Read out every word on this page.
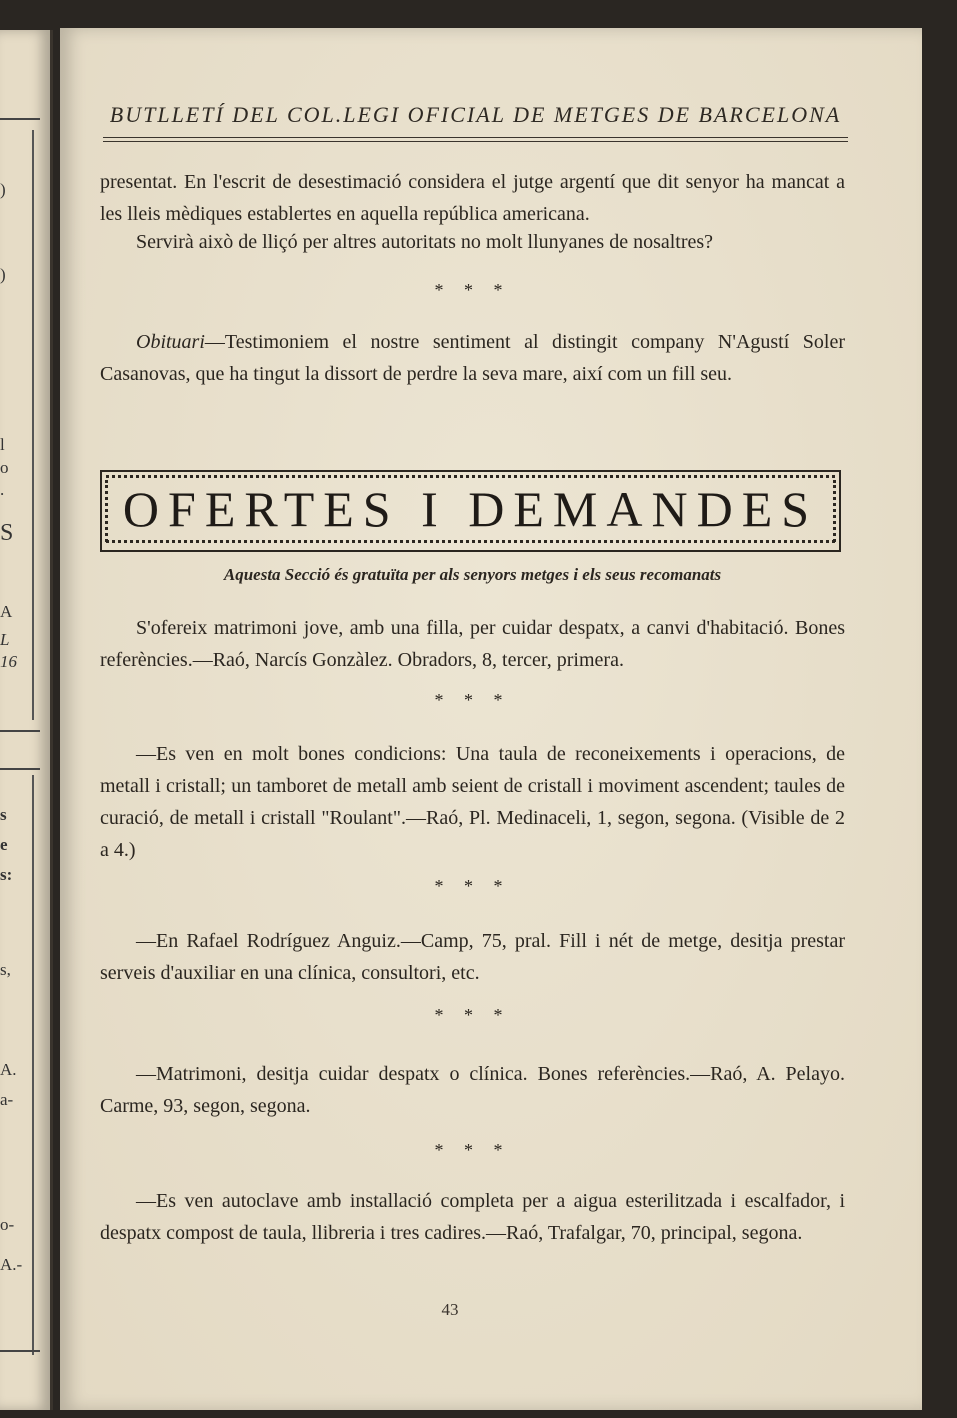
)
)
l
o
.
S
A
L
16
s
e
s:
s,
A.
a-
o-
A.-
BUTLLETÍ DEL COL.LEGI OFICIAL DE METGES DE BARCELONA
presentat. En l'escrit de desestimació considera el jutge argentí que dit senyor ha mancat a les lleis mèdiques establertes en aquella república americana.
Servirà això de lliçó per altres autoritats no molt llunyanes de nosaltres?
* * *
Obituari—Testimoniem el nostre sentiment al distingit company N'Agustí Soler Casanovas, que ha tingut la dissort de perdre la seva mare, així com un fill seu.
OFERTES I DEMANDES
Aquesta Secció és gratuïta per als senyors metges i els seus recomanats
S'ofereix matrimoni jove, amb una filla, per cuidar despatx, a canvi d'habitació. Bones referències.—Raó, Narcís Gonzàlez. Obradors, 8, tercer, primera.
* * *
—Es ven en molt bones condicions: Una taula de reconeixements i operacions, de metall i cristall; un tamboret de metall amb seient de cristall i moviment ascendent; taules de curació, de metall i cristall "Roulant".—Raó, Pl. Medinaceli, 1, segon, segona. (Visible de 2 a 4.)
* * *
—En Rafael Rodríguez Anguiz.—Camp, 75, pral. Fill i nét de metge, desitja prestar serveis d'auxiliar en una clínica, consultori, etc.
* * *
—Matrimoni, desitja cuidar despatx o clínica. Bones referències.—Raó, A. Pelayo. Carme, 93, segon, segona.
* * *
—Es ven autoclave amb installació completa per a aigua esterilitzada i escalfador, i despatx compost de taula, llibreria i tres cadires.—Raó, Trafalgar, 70, principal, segona.
43
